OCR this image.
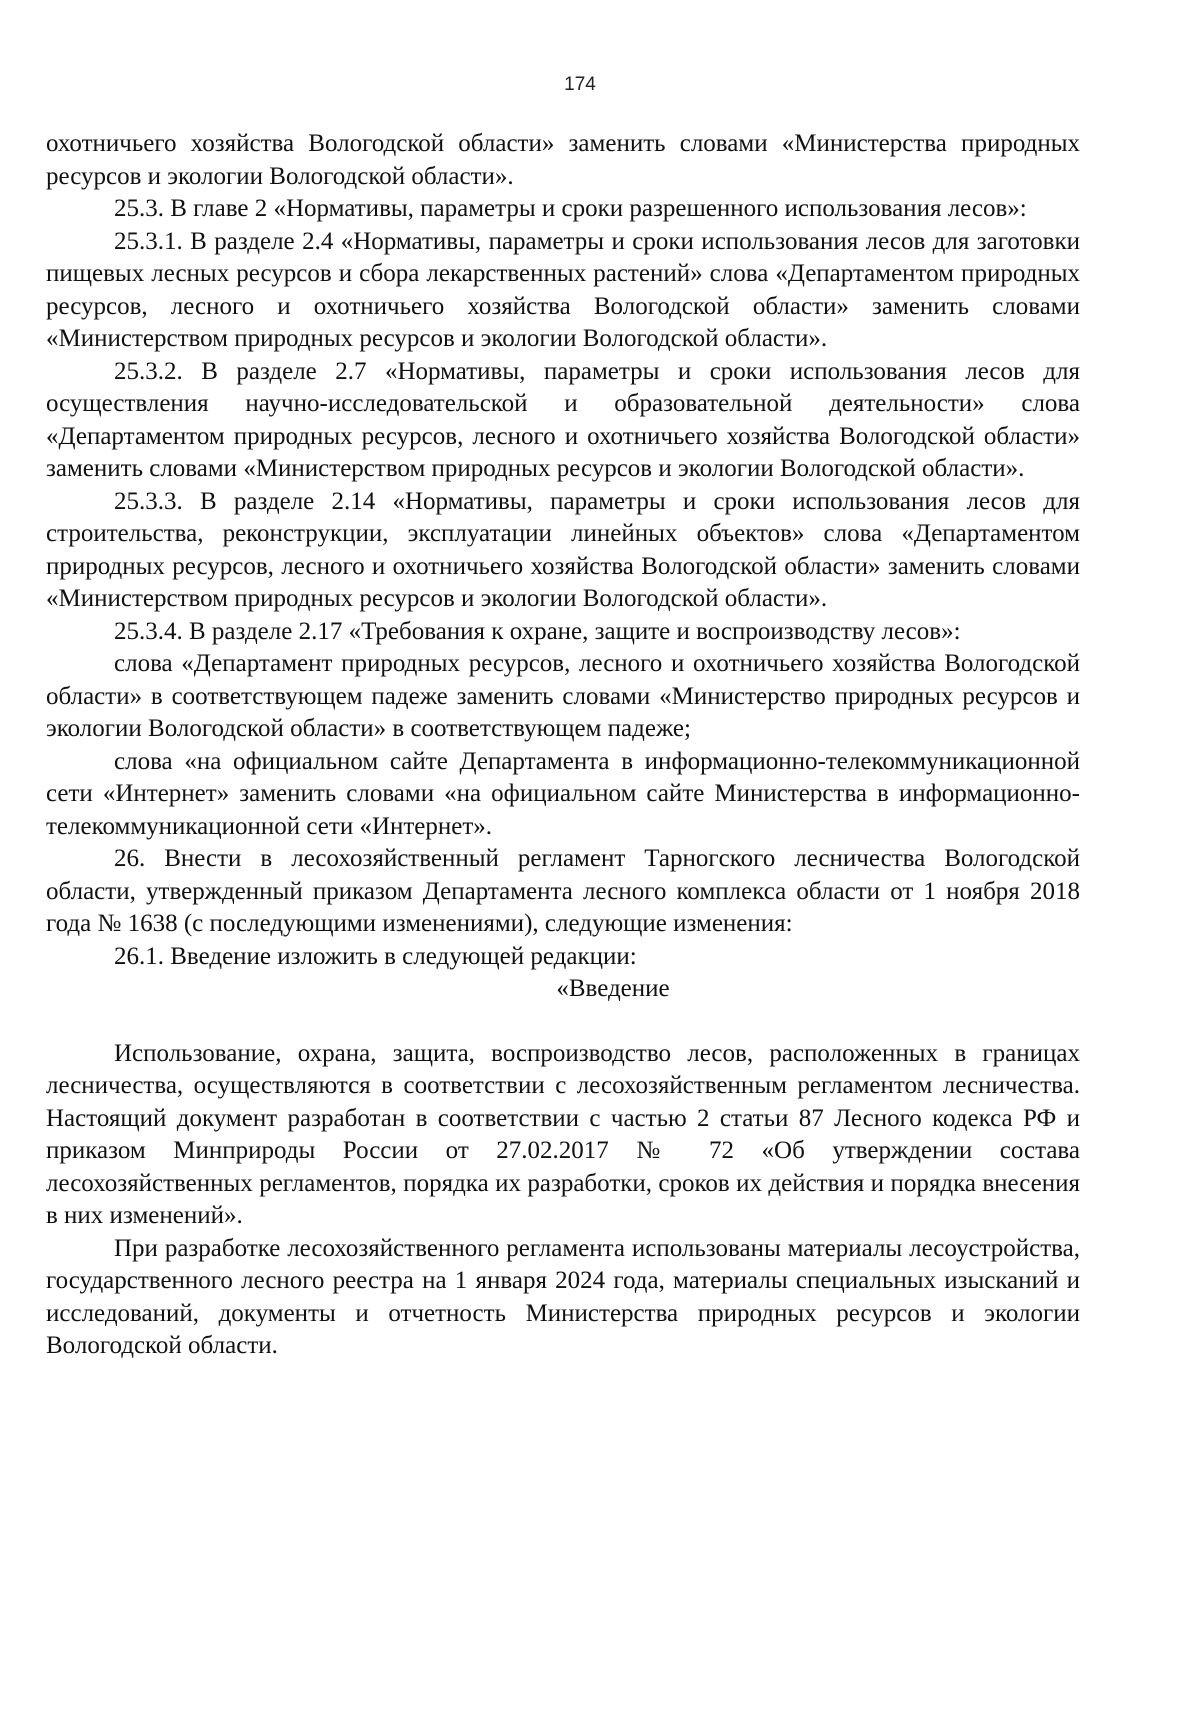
174

охотничьего хозяйства Вологодской области» заменить словами «Министерства природных ресурсов и экологии Вологодской области».

25.3. В главе 2 «Нормативы, параметры и сроки разрешенного использования лесов»:

25.3.1. В разделе 2.4 «Нормативы, параметры и сроки использования лесов для заготовки пищевых лесных ресурсов и сбора лекарственных растений» слова «Департаментом природных ресурсов, лесного и охотничьего хозяйства Вологодской области» заменить словами «Министерством природных ресурсов и экологии Вологодской области».

25.3.2. В разделе 2.7 «Нормативы, параметры и сроки использования лесов для осуществления научно-исследовательской и образовательной деятельности» слова «Департаментом природных ресурсов, лесного и охотничьего хозяйства Вологодской области» заменить словами «Министерством природных ресурсов и экологии Вологодской области».

25.3.3. В разделе 2.14 «Нормативы, параметры и сроки использования лесов для строительства, реконструкции, эксплуатации линейных объектов» слова «Департаментом природных ресурсов, лесного и охотничьего хозяйства Вологодской области» заменить словами «Министерством природных ресурсов и экологии Вологодской области».

25.3.4. В разделе 2.17 «Требования к охране, защите и воспроизводству лесов»:

слова «Департамент природных ресурсов, лесного и охотничьего хозяйства Вологодской области» в соответствующем падеже заменить словами «Министерство природных ресурсов и экологии Вологодской области» в соответствующем падеже;

слова «на официальном сайте Департамента в информационно-телекоммуникационной сети «Интернет» заменить словами «на официальном сайте Министерства в информационно-телекоммуникационной сети «Интернет».

26. Внести в лесохозяйственный регламент Тарногского лесничества Вологодской области, утвержденный приказом Департамента лесного комплекса области от 1 ноября 2018 года № 1638 (с последующими изменениями), следующие изменения:

26.1. Введение изложить в следующей редакции:

«Введение

Использование, охрана, защита, воспроизводство лесов, расположенных в границах лесничества, осуществляются в соответствии с лесохозяйственным регламентом лесничества. Настоящий документ разработан в соответствии с частью 2 статьи 87 Лесного кодекса РФ и приказом Минприроды России от 27.02.2017 № 72 «Об утверждении состава лесохозяйственных регламентов, порядка их разработки, сроков их действия и порядка внесения в них изменений».

При разработке лесохозяйственного регламента использованы материалы лесоустройства, государственного лесного реестра на 1 января 2024 года, материалы специальных изысканий и исследований, документы и отчетность Министерства природных ресурсов и экологии Вологодской области.
